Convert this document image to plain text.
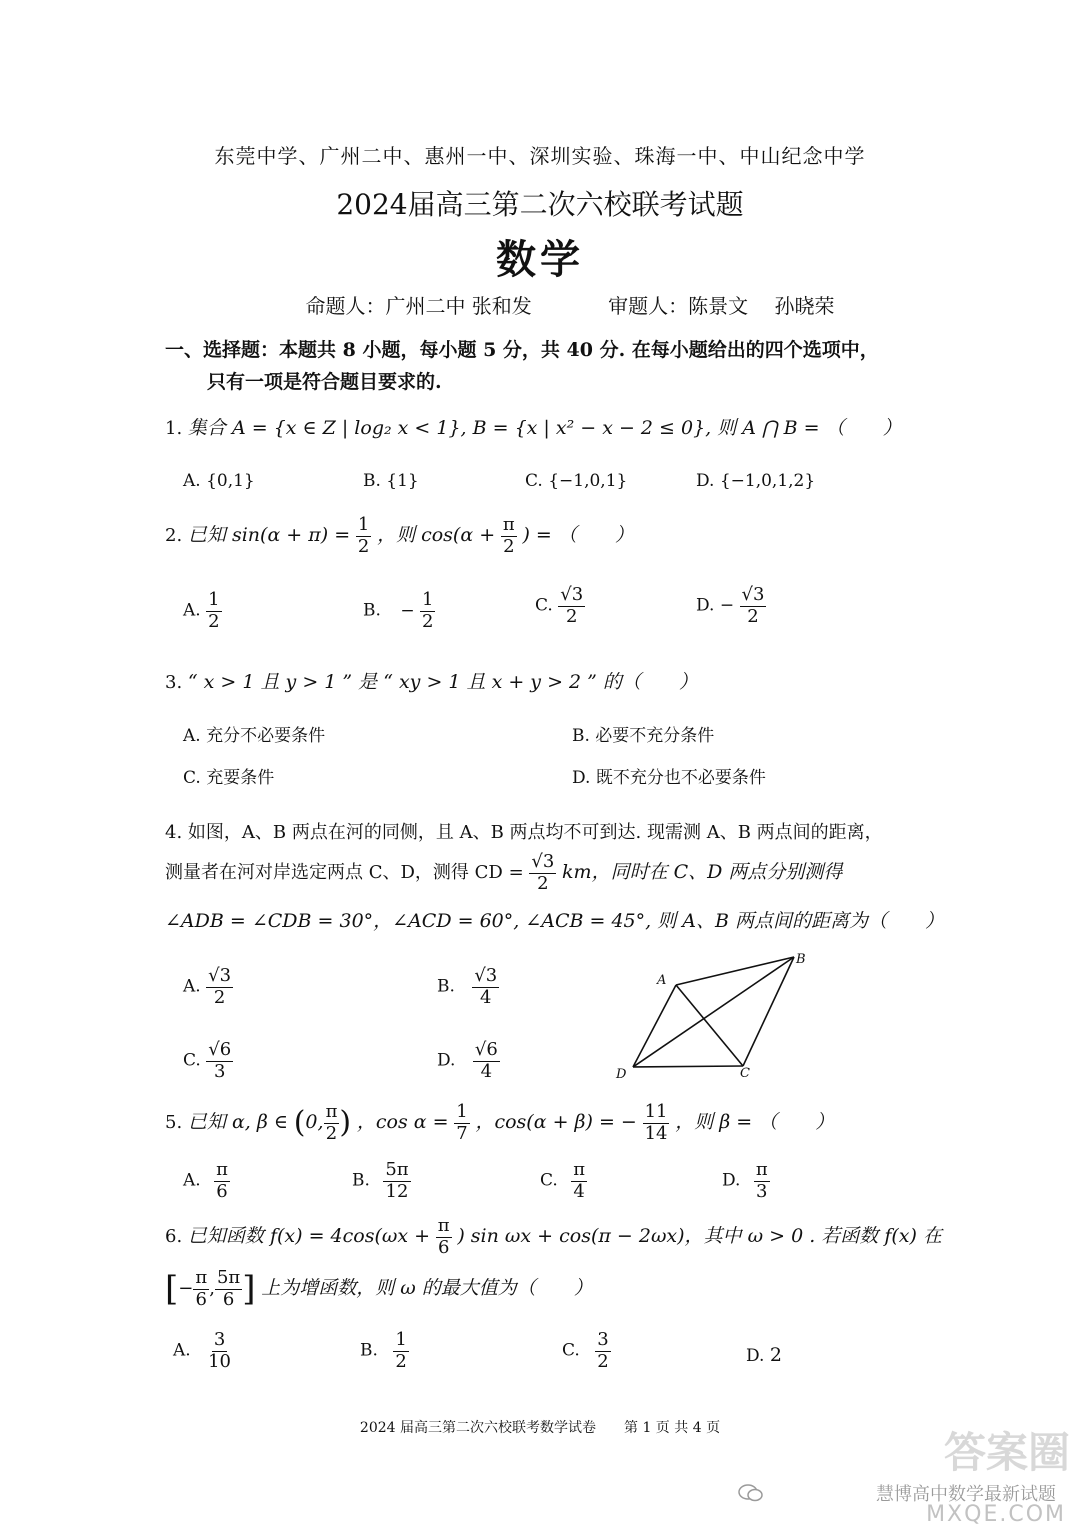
东莞中学、广州二中、惠州一中、深圳实验、珠海一中、中山纪念中学
2024届高三第二次六校联考试题
数学
命题人：广州二中 张和发	审题人：陈景文　 孙晓荣
一、选择题：本题共 8 小题，每小题 5 分，共 40 分. 在每小题给出的四个选项中，
只有一项是符合题目要求的.
1. 集合 A = {x ∈ Z | log₂ x < 1}, B = {x | x² − x − 2 ≤ 0}, 则 A ⋂ B = （　　）
A. {0,1}	B. {1}	C. {−1,0,1}	D. {−1,0,1,2}
2. 已知 $\sin(\alpha + \pi) = \frac{1}{2}$ ，则 $\cos(\alpha + \frac{\pi}{2}$ ) = （　　）
A. $\frac{1}{2}$	B. − $\frac{1}{2}$	C. $\frac{√3}{2}$	D. − $\frac{√3}{2}$
3. “ x > 1 且 y > 1 ” 是 “ xy > 1 且 x + y > 2 ” 的（　　）
A. 充分不必要条件	B. 必要不充分条件
C. 充要条件	D. 既不充分也不必要条件
4. 如图，A、B 两点在河的同侧，且 A、B 两点均不可到达. 现需测 A、B 两点间的距离，
测量者在河对岸选定两点 C、D，测得 CD = $\frac{√3}{2}$ km，同时在 C、D 两点分别测得
∠ADB = ∠CDB = 30°，∠ACD = 60°, ∠ACB = 45°, 则 A、B 两点间的距离为（　　）
A. $\frac{√3}{2}$	B. $\frac{√3}{4}$
C. $\frac{√6}{3}$	D. $\frac{√6}{4}$
A
B
C
D
5. 已知 α, β ∈ (0, $\frac{\pi}{2}$ ) ，$\cos \alpha = \frac{1}{7}$ ，cos(α + β) = − $\frac{11}{14}$ ，则 β = （　　）
A. $\frac{\pi}{6}$	B. $\frac{5\pi}{12}$	C. $\frac{\pi}{4}$	D. $\frac{\pi}{3}$
6. 已知函数 $f(x) = 4\cos(\omega x + \frac{\pi}{6}$ ) sin ωx + cos(π − 2ωx)，其中 ω > 0 . 若函数 f(x) 在
[− $\frac{\pi}{6}$ , $\frac{5\pi}{6}$ ] 上为增函数，则 ω 的最大值为（　　）
A. $\frac{3}{10}$	B. $\frac{1}{2}$	C. $\frac{3}{2}$	D. 2
2024 届高三第二次六校联考数学试卷　　第 1 页 共 4 页	答案圈
慧博高中数学最新试题
MXQE.COM
